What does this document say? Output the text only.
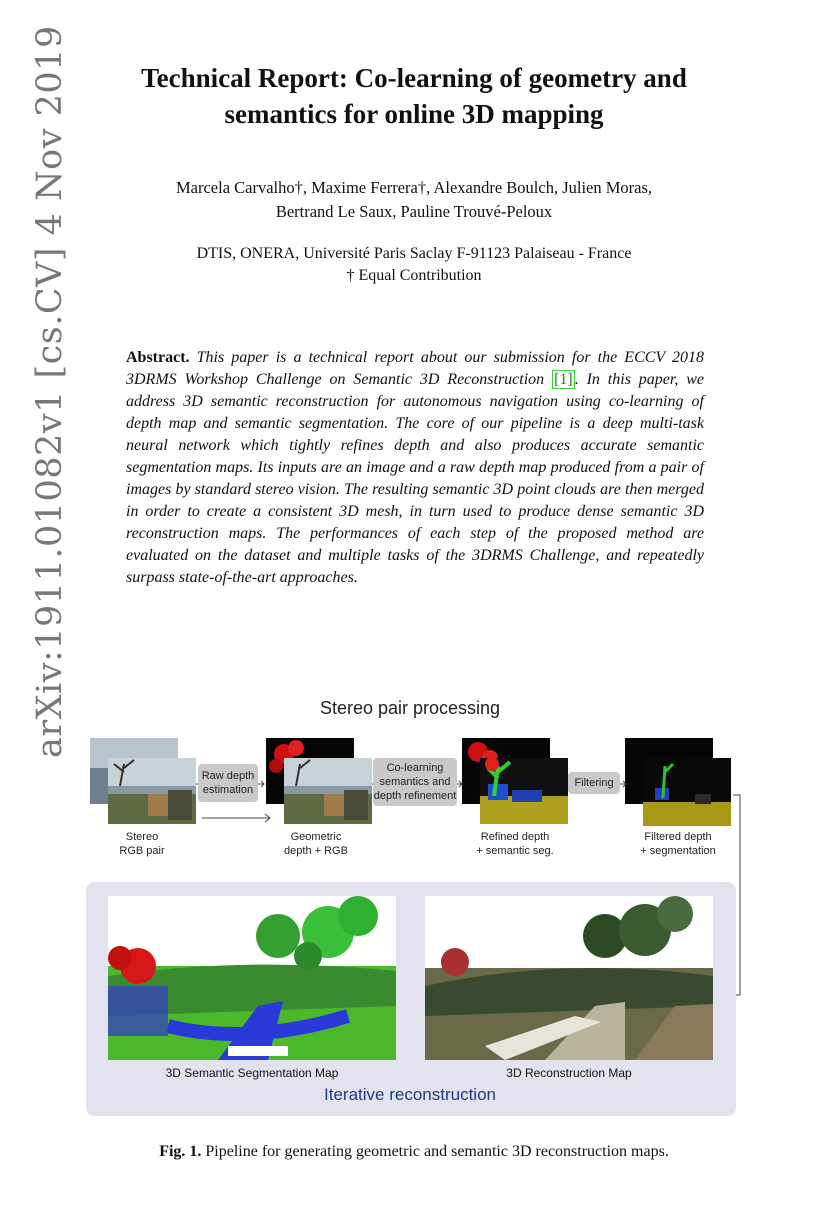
arXiv:1911.01082v1 [cs.CV] 4 Nov 2019	Technical Report: Co-learning of geometry and
semantics for online 3D mapping
Marcela Carvalho†, Maxime Ferrera†, Alexandre Boulch, Julien Moras,
Bertrand Le Saux, Pauline Trouvé-Peloux
DTIS, ONERA, Université Paris Saclay F-91123 Palaiseau - France
† Equal Contribution
Abstract. This paper is a technical report about our submission for the ECCV 2018 3DRMS Workshop Challenge on Semantic 3D Reconstruction [1] . In this paper, we address 3D semantic reconstruction for autonomous navigation using co-learning of depth map and semantic segmentation. The core of our pipeline is a deep multi-task neural network which tightly refines depth and also produces accurate semantic segmentation maps. Its inputs are an image and a raw depth map produced from a pair of images by standard stereo vision. The resulting semantic 3D point clouds are then merged in order to create a consistent 3D mesh, in turn used to produce dense semantic 3D reconstruction maps. The performances of each step of the proposed method are evaluated on the dataset and multiple tasks of the 3DRMS Challenge, and repeatedly surpass state-of-the-art approaches.
Stereo pair processing
Raw depth estimation
Co-learning semantics and depth refinement
Filtering
Stereo
RGB pair
Geometric
depth + RGB
Refined depth
+ semantic seg.
Filtered depth
+ segmentation
3D Semantic Segmentation Map	3D Reconstruction Map
Iterative reconstruction
Fig. 1. Pipeline for generating geometric and semantic 3D reconstruction maps.
